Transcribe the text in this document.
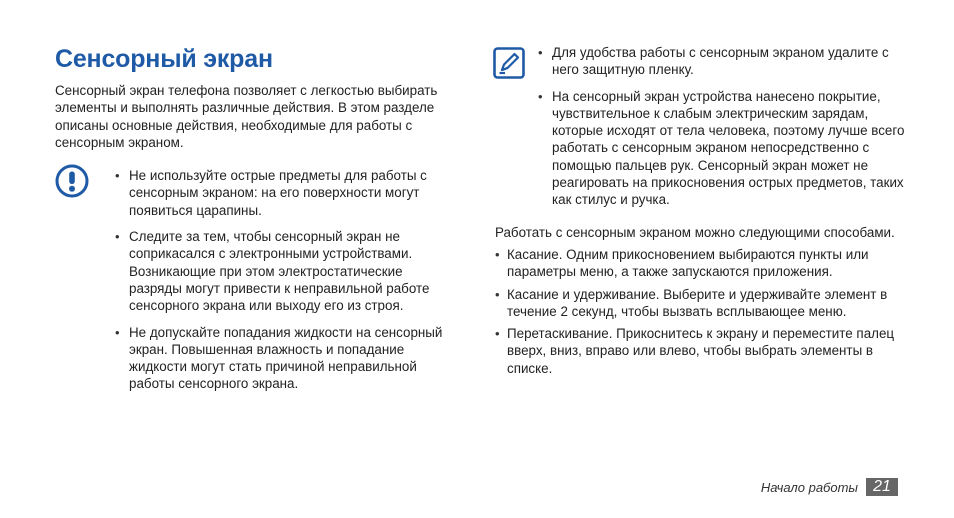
Сенсорный экран

Сенсорный экран телефона позволяет с легкостью выбирать элементы и выполнять различные действия. В этом разделе описаны основные действия, необходимые для работы с сенсорным экраном.

• Не используйте острые предметы для работы с сенсорным экраном: на его поверхности могут появиться царапины.
• Следите за тем, чтобы сенсорный экран не соприкасался с электронными устройствами. Возникающие при этом электростатические разряды могут привести к неправильной работе сенсорного экрана или выходу его из строя.
• Не допускайте попадания жидкости на сенсорный экран. Повышенная влажность и попадание жидкости могут стать причиной неправильной работы сенсорного экрана.
• Для удобства работы с сенсорным экраном удалите с него защитную пленку.
• На сенсорный экран устройства нанесено покрытие, чувствительное к слабым электрическим зарядам, которые исходят от тела человека, поэтому лучше всего работать с сенсорным экраном непосредственно с помощью пальцев рук. Сенсорный экран может не реагировать на прикосновения острых предметов, таких как стилус и ручка.

Работать с сенсорным экраном можно следующими способами.

• Касание. Одним прикосновением выбираются пункты или параметры меню, а также запускаются приложения.
• Касание и удерживание. Выберите и удерживайте элемент в течение 2 секунд, чтобы вызвать всплывающее меню.
• Перетаскивание. Прикоснитесь к экрану и переместите палец вверх, вниз, вправо или влево, чтобы выбрать элементы в списке.
Начало работы 21
